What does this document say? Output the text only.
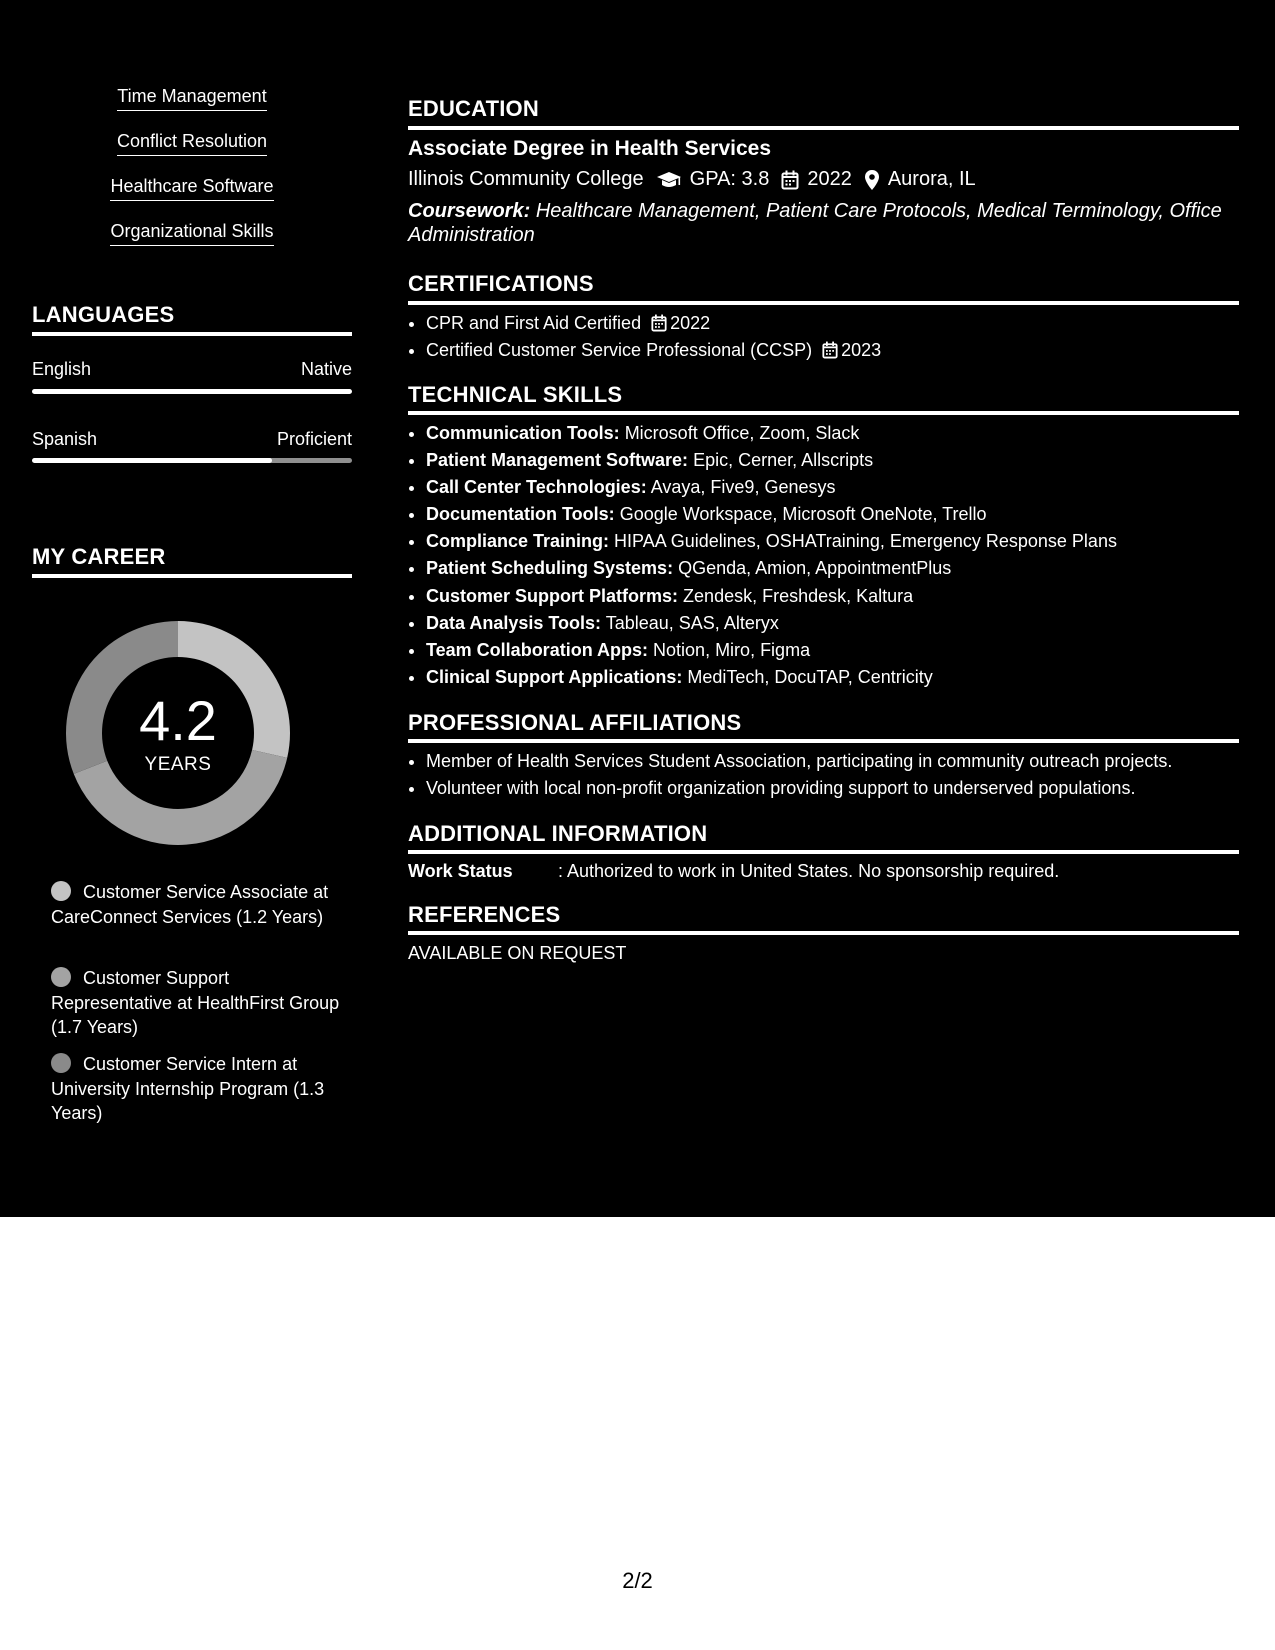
Time Management
Conflict Resolution
Healthcare Software
Organizational Skills
LANGUAGES
English	Native
Spanish	Proficient
MY CAREER
4.2
YEARS
Customer Service Associate at CareConnect Services (1.2 Years)
Customer Support Representative at HealthFirst Group (1.7 Years)
Customer Service Intern at University Internship Program (1.3 Years)
EDUCATION
Associate Degree in Health Services
Illinois Community College GPA: 3.8 2022 Aurora, IL
Coursework: Healthcare Management, Patient Care Protocols, Medical Terminology, Office Administration
CERTIFICATIONS
• CPR and First Aid Certified 2022
• Certified Customer Service Professional (CCSP) 2023
TECHNICAL SKILLS
• Communication Tools: Microsoft Office, Zoom, Slack
• Patient Management Software: Epic, Cerner, Allscripts
• Call Center Technologies: Avaya, Five9, Genesys
• Documentation Tools: Google Workspace, Microsoft OneNote, Trello
• Compliance Training: HIPAA Guidelines, OSHATraining, Emergency Response Plans
• Patient Scheduling Systems: QGenda, Amion, AppointmentPlus
• Customer Support Platforms: Zendesk, Freshdesk, Kaltura
• Data Analysis Tools: Tableau, SAS, Alteryx
• Team Collaboration Apps: Notion, Miro, Figma
• Clinical Support Applications: MediTech, DocuTAP, Centricity
PROFESSIONAL AFFILIATIONS
• Member of Health Services Student Association, participating in community outreach projects.
• Volunteer with local non-profit organization providing support to underserved populations.
ADDITIONAL INFORMATION
Work Status	: Authorized to work in United States. No sponsorship required.
REFERENCES
AVAILABLE ON REQUEST
2/2
